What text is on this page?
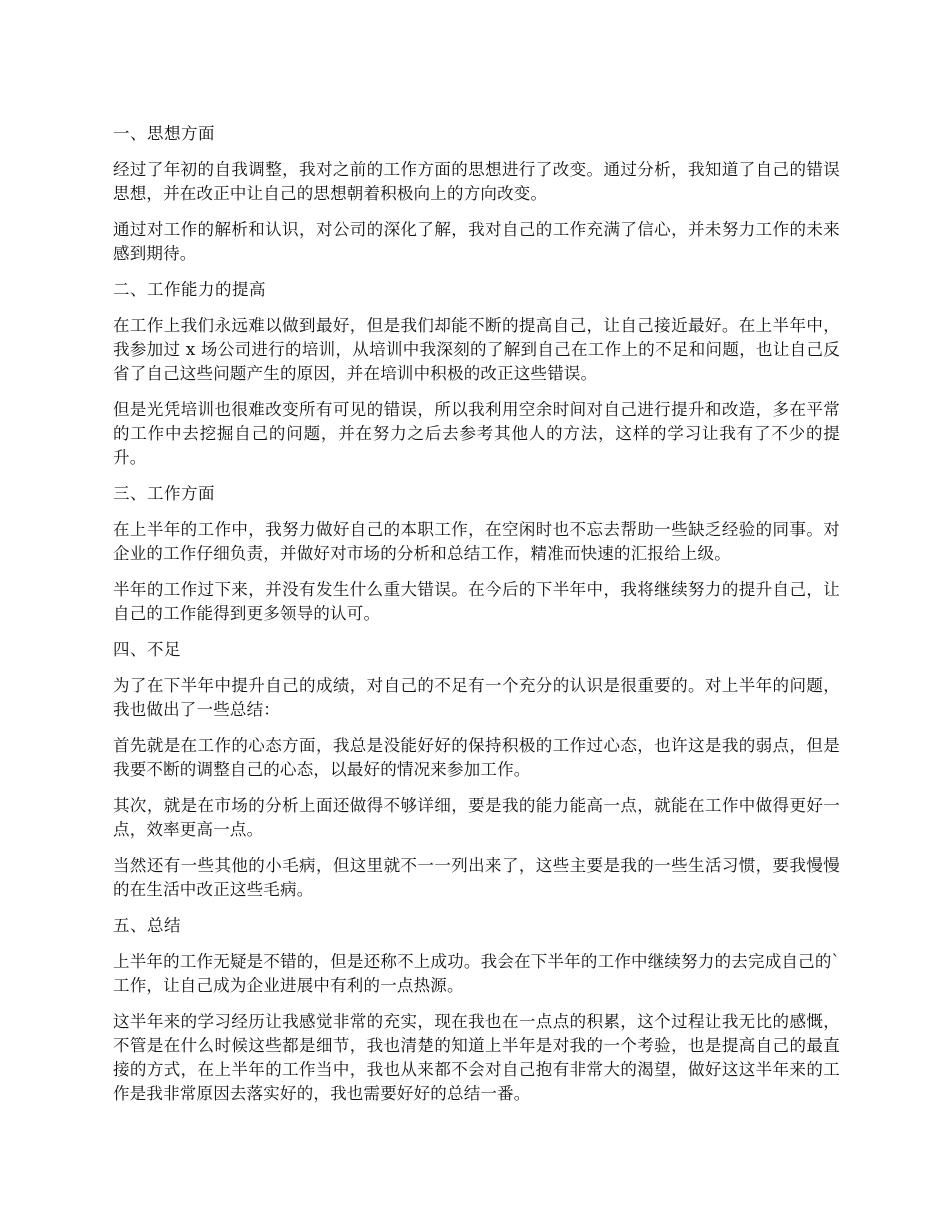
一、思想方面

经过了年初的自我调整，我对之前的工作方面的思想进行了改变。通过分析，我知道了自己的错误思想，并在改正中让自己的思想朝着积极向上的方向改变。

通过对工作的解析和认识，对公司的深化了解，我对自己的工作充满了信心，并未努力工作的未来感到期待。

二、工作能力的提高

在工作上我们永远难以做到最好，但是我们却能不断的提高自己，让自己接近最好。在上半年中，我参加过 x 场公司进行的培训，从培训中我深刻的了解到自己在工作上的不足和问题，也让自己反省了自己这些问题产生的原因，并在培训中积极的改正这些错误。

但是光凭培训也很难改变所有可见的错误，所以我利用空余时间对自己进行提升和改造，多在平常的工作中去挖掘自己的问题，并在努力之后去参考其他人的方法，这样的学习让我有了不少的提升。

三、工作方面

在上半年的工作中，我努力做好自己的本职工作，在空闲时也不忘去帮助一些缺乏经验的同事。对企业的工作仔细负责，并做好对市场的分析和总结工作，精准而快速的汇报给上级。

半年的工作过下来，并没有发生什么重大错误。在今后的下半年中，我将继续努力的提升自己，让自己的工作能得到更多领导的认可。

四、不足

为了在下半年中提升自己的成绩，对自己的不足有一个充分的认识是很重要的。对上半年的问题，我也做出了一些总结：

首先就是在工作的心态方面，我总是没能好好的保持积极的工作过心态，也许这是我的弱点，但是我要不断的调整自己的心态，以最好的情况来参加工作。

其次，就是在市场的分析上面还做得不够详细，要是我的能力能高一点，就能在工作中做得更好一点，效率更高一点。

当然还有一些其他的小毛病，但这里就不一一列出来了，这些主要是我的一些生活习惯，要我慢慢的在生活中改正这些毛病。

五、总结

上半年的工作无疑是不错的，但是还称不上成功。我会在下半年的工作中继续努力的去完成自己的`工作，让自己成为企业进展中有利的一点热源。

这半年来的学习经历让我感觉非常的充实，现在我也在一点点的积累，这个过程让我无比的感慨，不管是在什么时候这些都是细节，我也清楚的知道上半年是对我的一个考验，也是提高自己的最直接的方式，在上半年的工作当中，我也从来都不会对自己抱有非常大的渴望，做好这这半年来的工作是我非常原因去落实好的，我也需要好好的总结一番。
